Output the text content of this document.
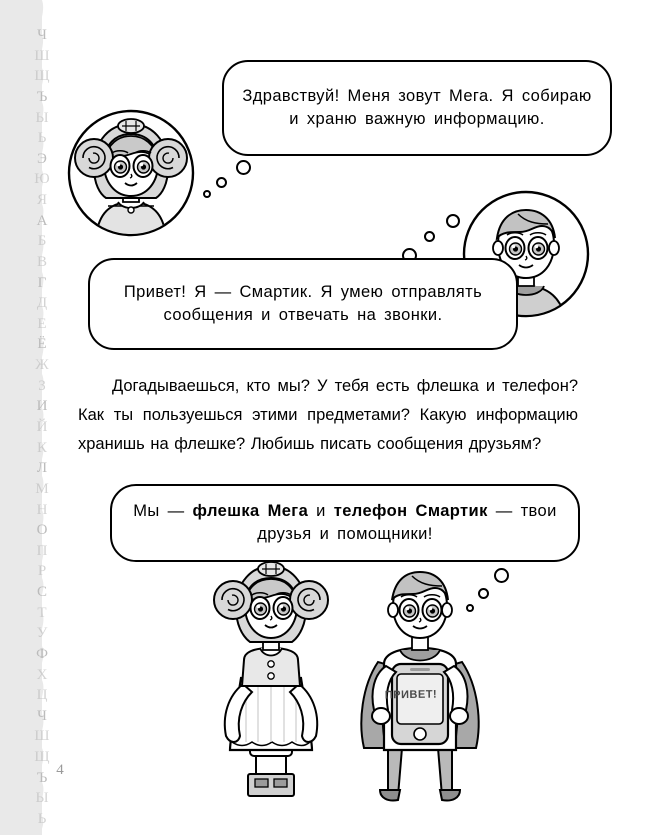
Ч
Ш
Щ
Ъ
Ы
Ь
Э
Ю
Я
А
Б
В
Г
Д
Е
Ё
Ж
З
И
Й
К
Л
М
Н
О
П
Р
С
Т
У
Ф
Х
Ц
Ч
Ш
Щ
Ъ
Ы
Ь
4
Здравствуй! Меня зовут Мега. Я собираю и храню важную информацию.
Привет! Я — Смартик. Я умею отправлять сообщения и отвечать на звонки.
Догадываешься, кто мы? У тебя есть флешка и телефон? Как ты пользуешься этими предметами? Какую информацию хранишь на флешке? Любишь писать сообщения друзьям?
Мы — флешка Мега и телефон Смартик — твои друзья и помощники!
ПРИВЕТ!
